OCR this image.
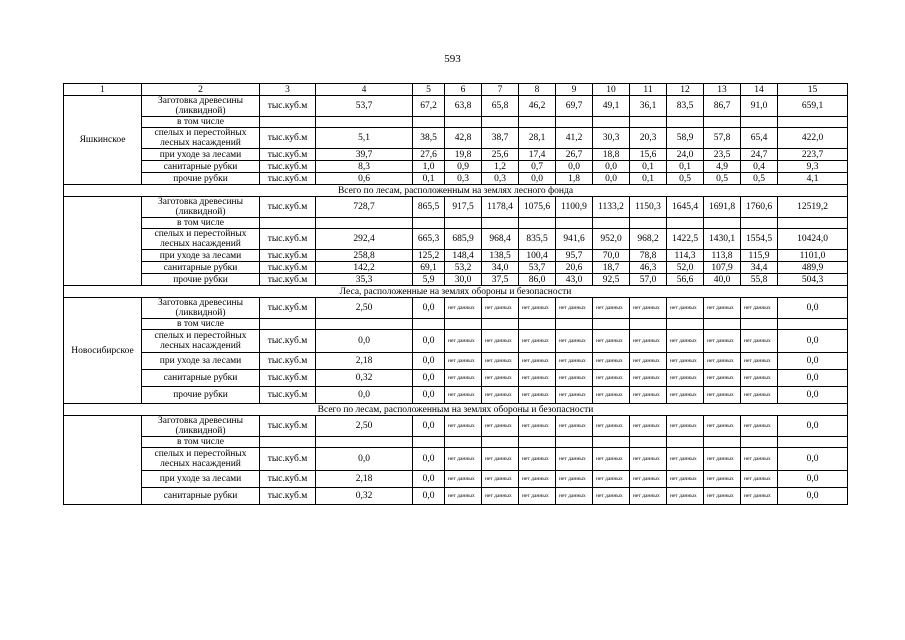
593
1	2	3	4	5	6	7	8	9	10	11	12	13	14	15
Яшкинское	Заготовка древесины (ликвидной)	тыс.куб.м	53,7	67,2	63,8	65,8	46,2	69,7	49,1	36,1	83,5	86,7	91,0	659,1
	в том числе													
	спелых и перестойных лесных насаждений	тыс.куб.м	5,1	38,5	42,8	38,7	28,1	41,2	30,3	20,3	58,9	57,8	65,4	422,0
	при уходе за лесами	тыс.куб.м	39,7	27,6	19,8	25,6	17,4	26,7	18,8	15,6	24,0	23,5	24,7	223,7
	санитарные рубки	тыс.куб.м	8,3	1,0	0,9	1,2	0,7	0,0	0,0	0,1	0,1	4,9	0,4	9,3
	прочие рубки	тыс.куб.м	0,6	0,1	0,3	0,3	0,0	1,8	0,0	0,1	0,5	0,5	0,5	4,1
Всего по лесам, расположенным на землях лесного фонда														
	Заготовка древесины (ликвидной)	тыс.куб.м	728,7	865,5	917,5	1178,4	1075,6	1100,9	1133,2	1150,3	1645,4	1691,8	1760,6	12519,2
	в том числе													
	спелых и перестойных лесных насаждений	тыс.куб.м	292,4	665,3	685,9	968,4	835,5	941,6	952,0	968,2	1422,5	1430,1	1554,5	10424,0
	при уходе за лесами	тыс.куб.м	258,8	125,2	148,4	138,5	100,4	95,7	70,0	78,8	114,3	113,8	115,9	1101,0
	санитарные рубки	тыс.куб.м	142,2	69,1	53,2	34,0	53,7	20,6	18,7	46,3	52,0	107,9	34,4	489,9
	прочие рубки	тыс.куб.м	35,3	5,9	30,0	37,5	86,0	43,0	92,5	57,0	56,6	40,0	55,8	504,3
Леса, расположенные на землях обороны и безопасности														
Новосибирское	Заготовка древесины (ликвидной)	тыс.куб.м	2,50	0,0	нет данных	нет данных	нет данных	нет данных	нет данных	нет данных	нет данных	нет данных	нет данных	0,0
	в том числе													
	спелых и перестойных лесных насаждений	тыс.куб.м	0,0	0,0	нет данных	нет данных	нет данных	нет данных	нет данных	нет данных	нет данных	нет данных	нет данных	0,0
	при уходе за лесами	тыс.куб.м	2,18	0,0	нет данных	нет данных	нет данных	нет данных	нет данных	нет данных	нет данных	нет данных	нет данных	0,0
	санитарные рубки	тыс.куб.м	0,32	0,0	нет данных	нет данных	нет данных	нет данных	нет данных	нет данных	нет данных	нет данных	нет данных	0,0
	прочие рубки	тыс.куб.м	0,0	0,0	нет данных	нет данных	нет данных	нет данных	нет данных	нет данных	нет данных	нет данных	нет данных	0,0
Всего по лесам, расположенным на землях обороны и безопасности														
	Заготовка древесины (ликвидной)	тыс.куб.м	2,50	0,0	нет данных	нет данных	нет данных	нет данных	нет данных	нет данных	нет данных	нет данных	нет данных	0,0
	в том числе													
	спелых и перестойных лесных насаждений	тыс.куб.м	0,0	0,0	нет данных	нет данных	нет данных	нет данных	нет данных	нет данных	нет данных	нет данных	нет данных	0,0
	при уходе за лесами	тыс.куб.м	2,18	0,0	нет данных	нет данных	нет данных	нет данных	нет данных	нет данных	нет данных	нет данных	нет данных	0,0
	санитарные рубки	тыс.куб.м	0,32	0,0	нет данных	нет данных	нет данных	нет данных	нет данных	нет данных	нет данных	нет данных	нет данных	0,0
